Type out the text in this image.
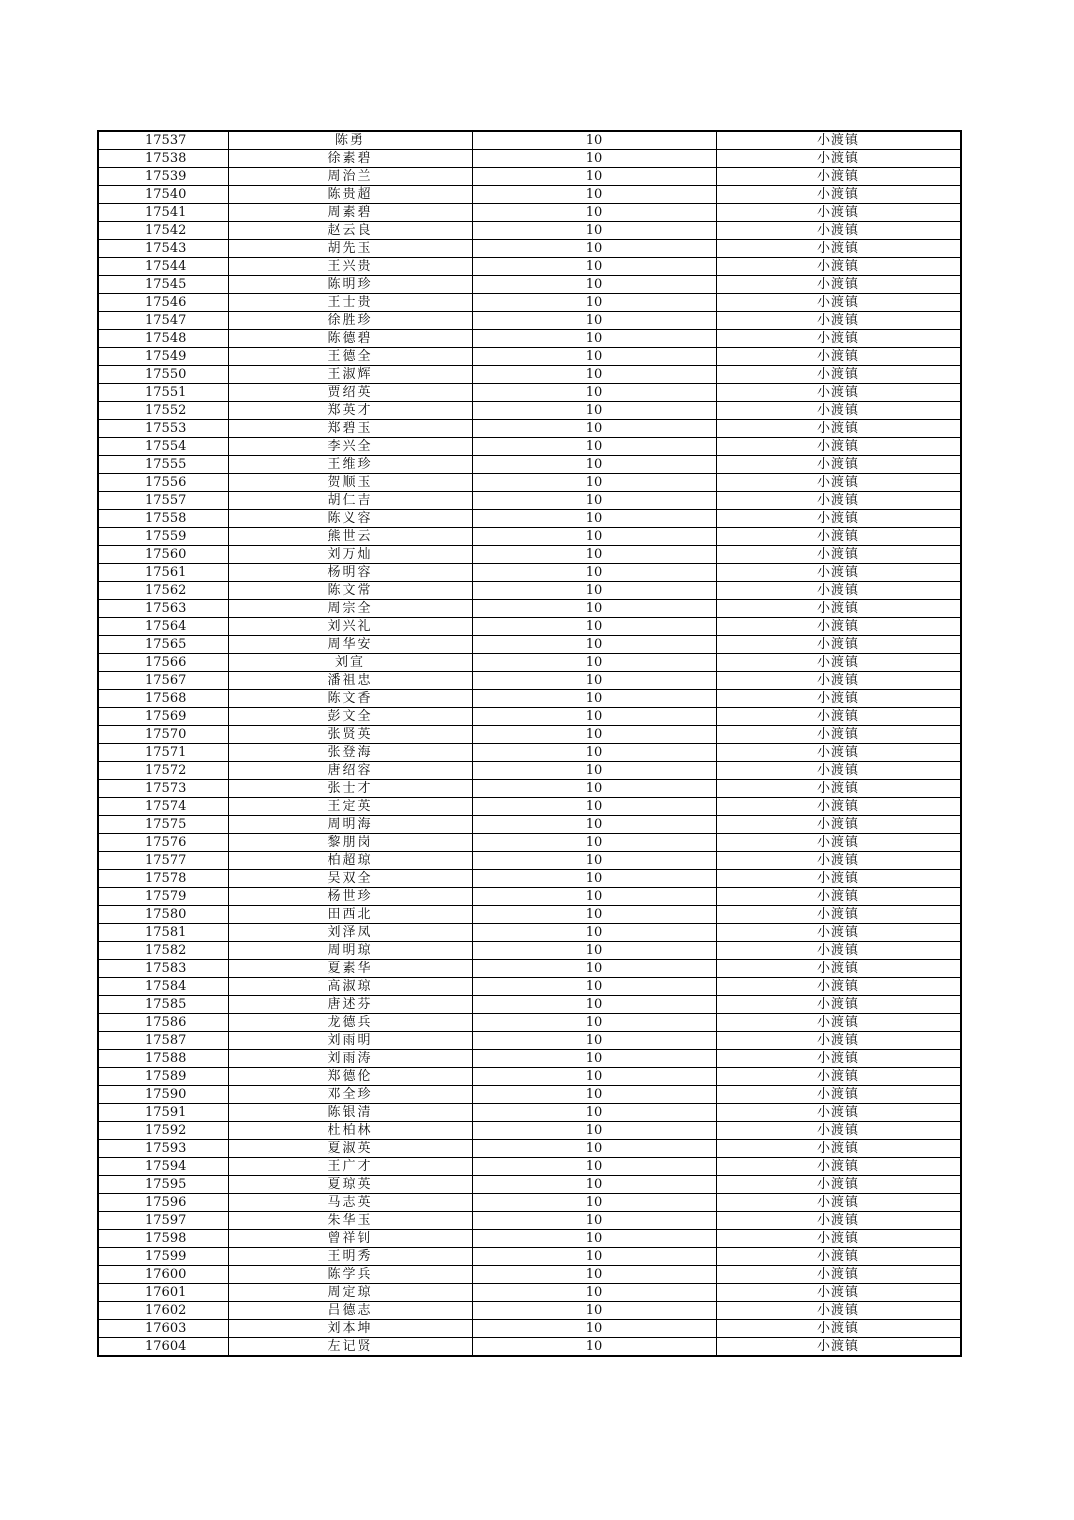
17537	陈勇	10	小渡镇
17538	徐素碧	10	小渡镇
17539	周治兰	10	小渡镇
17540	陈贵超	10	小渡镇
17541	周素碧	10	小渡镇
17542	赵云良	10	小渡镇
17543	胡先玉	10	小渡镇
17544	王兴贵	10	小渡镇
17545	陈明珍	10	小渡镇
17546	王士贵	10	小渡镇
17547	徐胜珍	10	小渡镇
17548	陈德碧	10	小渡镇
17549	王德全	10	小渡镇
17550	王淑辉	10	小渡镇
17551	贾绍英	10	小渡镇
17552	郑英才	10	小渡镇
17553	郑碧玉	10	小渡镇
17554	李兴全	10	小渡镇
17555	王维珍	10	小渡镇
17556	贺顺玉	10	小渡镇
17557	胡仁吉	10	小渡镇
17558	陈义容	10	小渡镇
17559	熊世云	10	小渡镇
17560	刘万灿	10	小渡镇
17561	杨明容	10	小渡镇
17562	陈文常	10	小渡镇
17563	周宗全	10	小渡镇
17564	刘兴礼	10	小渡镇
17565	周华安	10	小渡镇
17566	刘宣	10	小渡镇
17567	潘祖忠	10	小渡镇
17568	陈文香	10	小渡镇
17569	彭文全	10	小渡镇
17570	张贤英	10	小渡镇
17571	张登海	10	小渡镇
17572	唐绍容	10	小渡镇
17573	张士才	10	小渡镇
17574	王定英	10	小渡镇
17575	周明海	10	小渡镇
17576	黎朋岗	10	小渡镇
17577	柏超琼	10	小渡镇
17578	吴双全	10	小渡镇
17579	杨世珍	10	小渡镇
17580	田西北	10	小渡镇
17581	刘泽凤	10	小渡镇
17582	周明琼	10	小渡镇
17583	夏素华	10	小渡镇
17584	高淑琼	10	小渡镇
17585	唐述芬	10	小渡镇
17586	龙德兵	10	小渡镇
17587	刘雨明	10	小渡镇
17588	刘雨涛	10	小渡镇
17589	郑德伦	10	小渡镇
17590	邓全珍	10	小渡镇
17591	陈银清	10	小渡镇
17592	杜柏林	10	小渡镇
17593	夏淑英	10	小渡镇
17594	王广才	10	小渡镇
17595	夏琼英	10	小渡镇
17596	马志英	10	小渡镇
17597	朱华玉	10	小渡镇
17598	曾祥钊	10	小渡镇
17599	王明秀	10	小渡镇
17600	陈学兵	10	小渡镇
17601	周定琼	10	小渡镇
17602	吕德志	10	小渡镇
17603	刘本坤	10	小渡镇
17604	左记贤	10	小渡镇
